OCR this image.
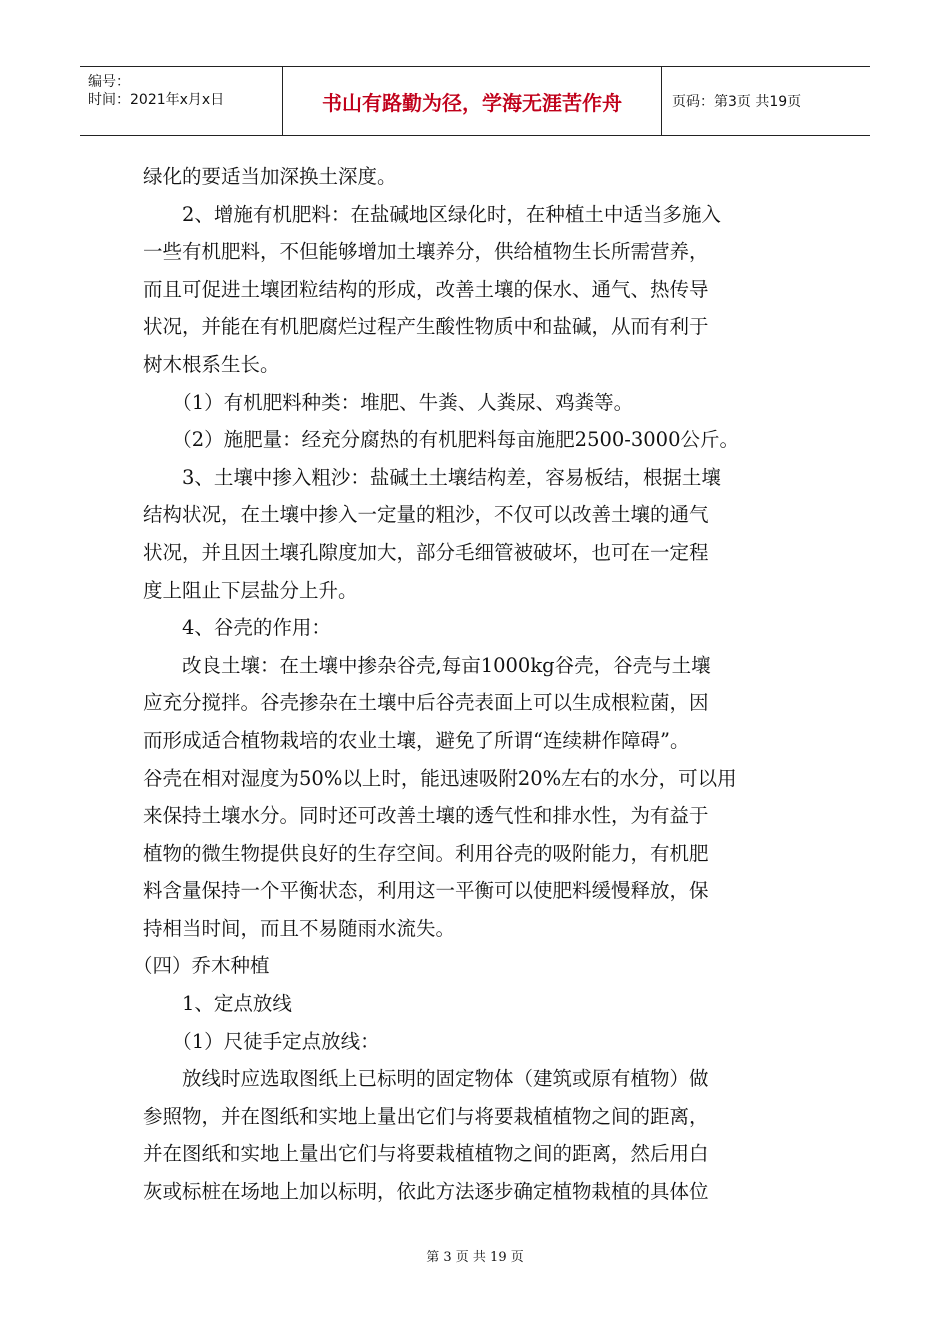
编号：
时间：2021年x月x日	书山有路勤为径，学海无涯苦作舟	页码：第3页 共19页

绿化的要适当加深换土深度。

2、增施有机肥料：在盐碱地区绿化时，在种植土中适当多施入

一些有机肥料，不但能够增加土壤养分，供给植物生长所需营养，

而且可促进土壤团粒结构的形成，改善土壤的保水、通气、热传导

状况，并能在有机肥腐烂过程产生酸性物质中和盐碱，从而有利于

树木根系生长。

（1）有机肥料种类：堆肥、牛粪、人粪尿、鸡粪等。

（2）施肥量：经充分腐热的有机肥料每亩施肥2500-3000公斤。

3、土壤中掺入粗沙：盐碱土土壤结构差，容易板结，根据土壤

结构状况，在土壤中掺入一定量的粗沙，不仅可以改善土壤的通气

状况，并且因土壤孔隙度加大，部分毛细管被破坏，也可在一定程

度上阻止下层盐分上升。

4、谷壳的作用：

改良土壤：在土壤中掺杂谷壳,每亩1000kg谷壳，谷壳与土壤

应充分搅拌。谷壳掺杂在土壤中后谷壳表面上可以生成根粒菌，因

而形成适合植物栽培的农业土壤，避免了所谓“连续耕作障碍”。

谷壳在相对湿度为50%以上时，能迅速吸附20%左右的水分，可以用

来保持土壤水分。同时还可改善土壤的透气性和排水性，为有益于

植物的微生物提供良好的生存空间。利用谷壳的吸附能力，有机肥

料含量保持一个平衡状态，利用这一平衡可以使肥料缓慢释放，保

持相当时间，而且不易随雨水流失。

（四）乔木种植

1、定点放线

（1）尺徒手定点放线：

放线时应选取图纸上已标明的固定物体（建筑或原有植物）做

参照物，并在图纸和实地上量出它们与将要栽植植物之间的距离，

并在图纸和实地上量出它们与将要栽植植物之间的距离，然后用白

灰或标桩在场地上加以标明，依此方法逐步确定植物栽植的具体位

第 3 页 共 19 页
